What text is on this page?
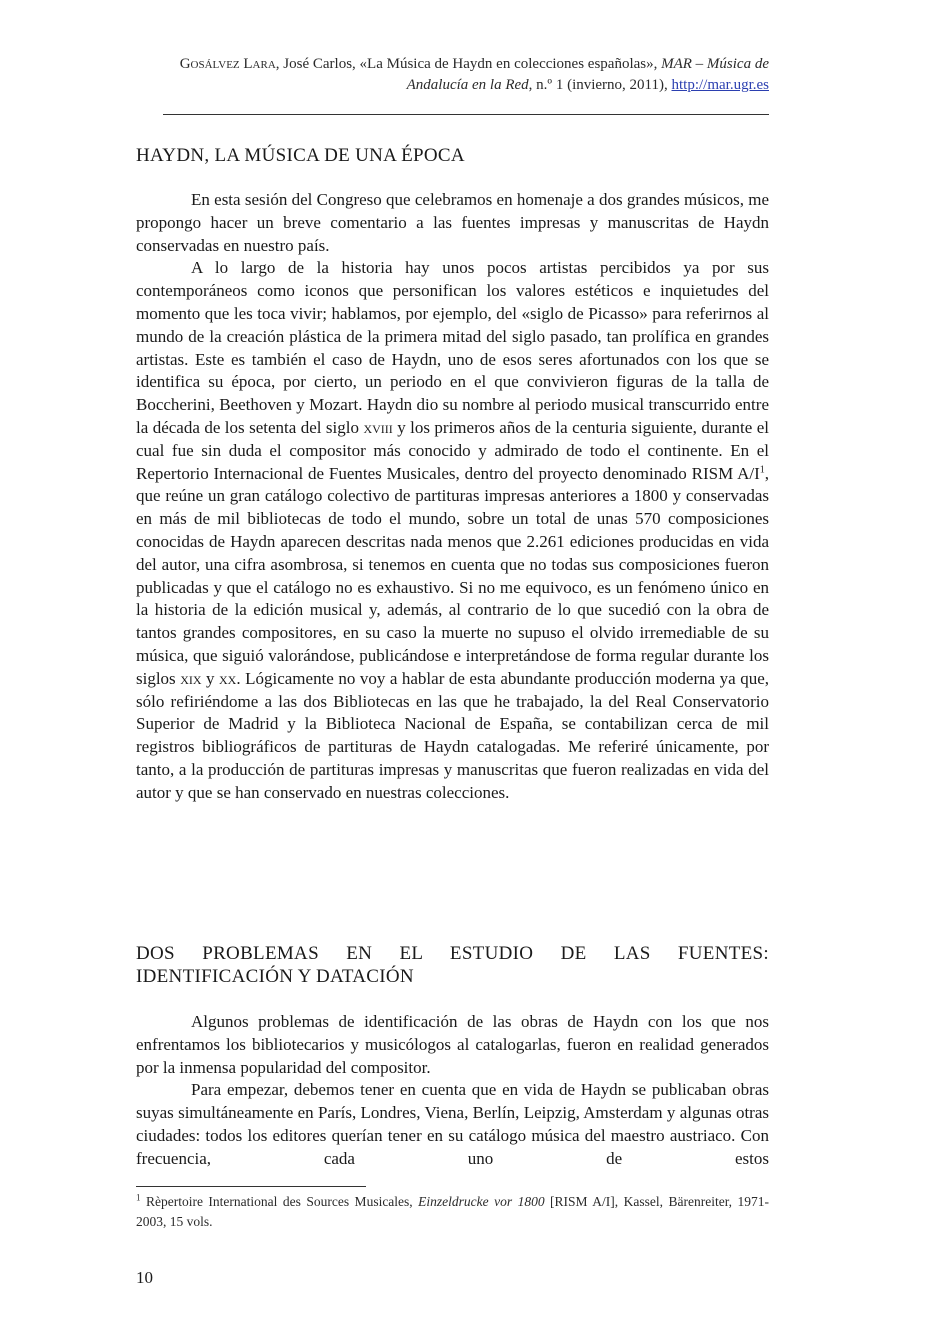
Gosálvez Lara, José Carlos, «La Música de Haydn en colecciones españolas», MAR – Música de Andalucía en la Red, n.º 1 (invierno, 2011), http://mar.ugr.es
HAYDN, LA MÚSICA DE UNA ÉPOCA

En esta sesión del Congreso que celebramos en homenaje a dos grandes músicos, me propongo hacer un breve comentario a las fuentes impresas y manuscritas de Haydn conservadas en nuestro país.

A lo largo de la historia hay unos pocos artistas percibidos ya por sus contemporáneos como iconos que personifican los valores estéticos e inquietudes del momento que les toca vivir; hablamos, por ejemplo, del «siglo de Picasso» para referirnos al mundo de la creación plástica de la primera mitad del siglo pasado, tan prolífica en grandes artistas. Este es también el caso de Haydn, uno de esos seres afortunados con los que se identifica su época, por cierto, un periodo en el que convivieron figuras de la talla de Boccherini, Beethoven y Mozart. Haydn dio su nombre al periodo musical transcurrido entre la década de los setenta del siglo xviii y los primeros años de la centuria siguiente, durante el cual fue sin duda el compositor más conocido y admirado de todo el continente. En el Repertorio Internacional de Fuentes Musicales, dentro del proyecto denominado RISM $A/I^1$, que reúne un gran catálogo colectivo de partituras impresas anteriores a 1800 y conservadas en más de mil bibliotecas de todo el mundo, sobre un total de unas 570 composiciones conocidas de Haydn aparecen descritas nada menos que 2.261 ediciones producidas en vida del autor, una cifra asombrosa, si tenemos en cuenta que no todas sus composiciones fueron publicadas y que el catálogo no es exhaustivo. Si no me equivoco, es un fenómeno único en la historia de la edición musical y, además, al contrario de lo que sucedió con la obra de tantos grandes compositores, en su caso la muerte no supuso el olvido irremediable de su música, que siguió valorándose, publicándose e interpretándose de forma regular durante los siglos xix y xx. Lógicamente no voy a hablar de esta abundante producción moderna ya que, sólo refiriéndome a las dos Bibliotecas en las que he trabajado, la del Real Conservatorio Superior de Madrid y la Biblioteca Nacional de España, se contabilizan cerca de mil registros bibliográficos de partituras de Haydn catalogadas. Me referiré únicamente, por tanto, a la producción de partituras impresas y manuscritas que fueron realizadas en vida del autor y que se han conservado en nuestras colecciones.

DOS PROBLEMAS EN EL ESTUDIO DE LAS FUENTES: IDENTIFICACIÓN Y DATACIÓN

Algunos problemas de identificación de las obras de Haydn con los que nos enfrentamos los bibliotecarios y musicólogos al catalogarlas, fueron en realidad generados por la inmensa popularidad del compositor.

Para empezar, debemos tener en cuenta que en vida de Haydn se publicaban obras suyas simultáneamente en París, Londres, Viena, Berlín, Leipzig, Amsterdam y algunas otras ciudades: todos los editores querían tener en su catálogo música del maestro austriaco. Con frecuencia, cada uno de estos

$^1$ Rèpertoire International des Sources Musicales, Einzeldrucke vor 1800 [RISM A/I], Kassel, Bärenreiter, 1971-2003, 15 vols.
10
